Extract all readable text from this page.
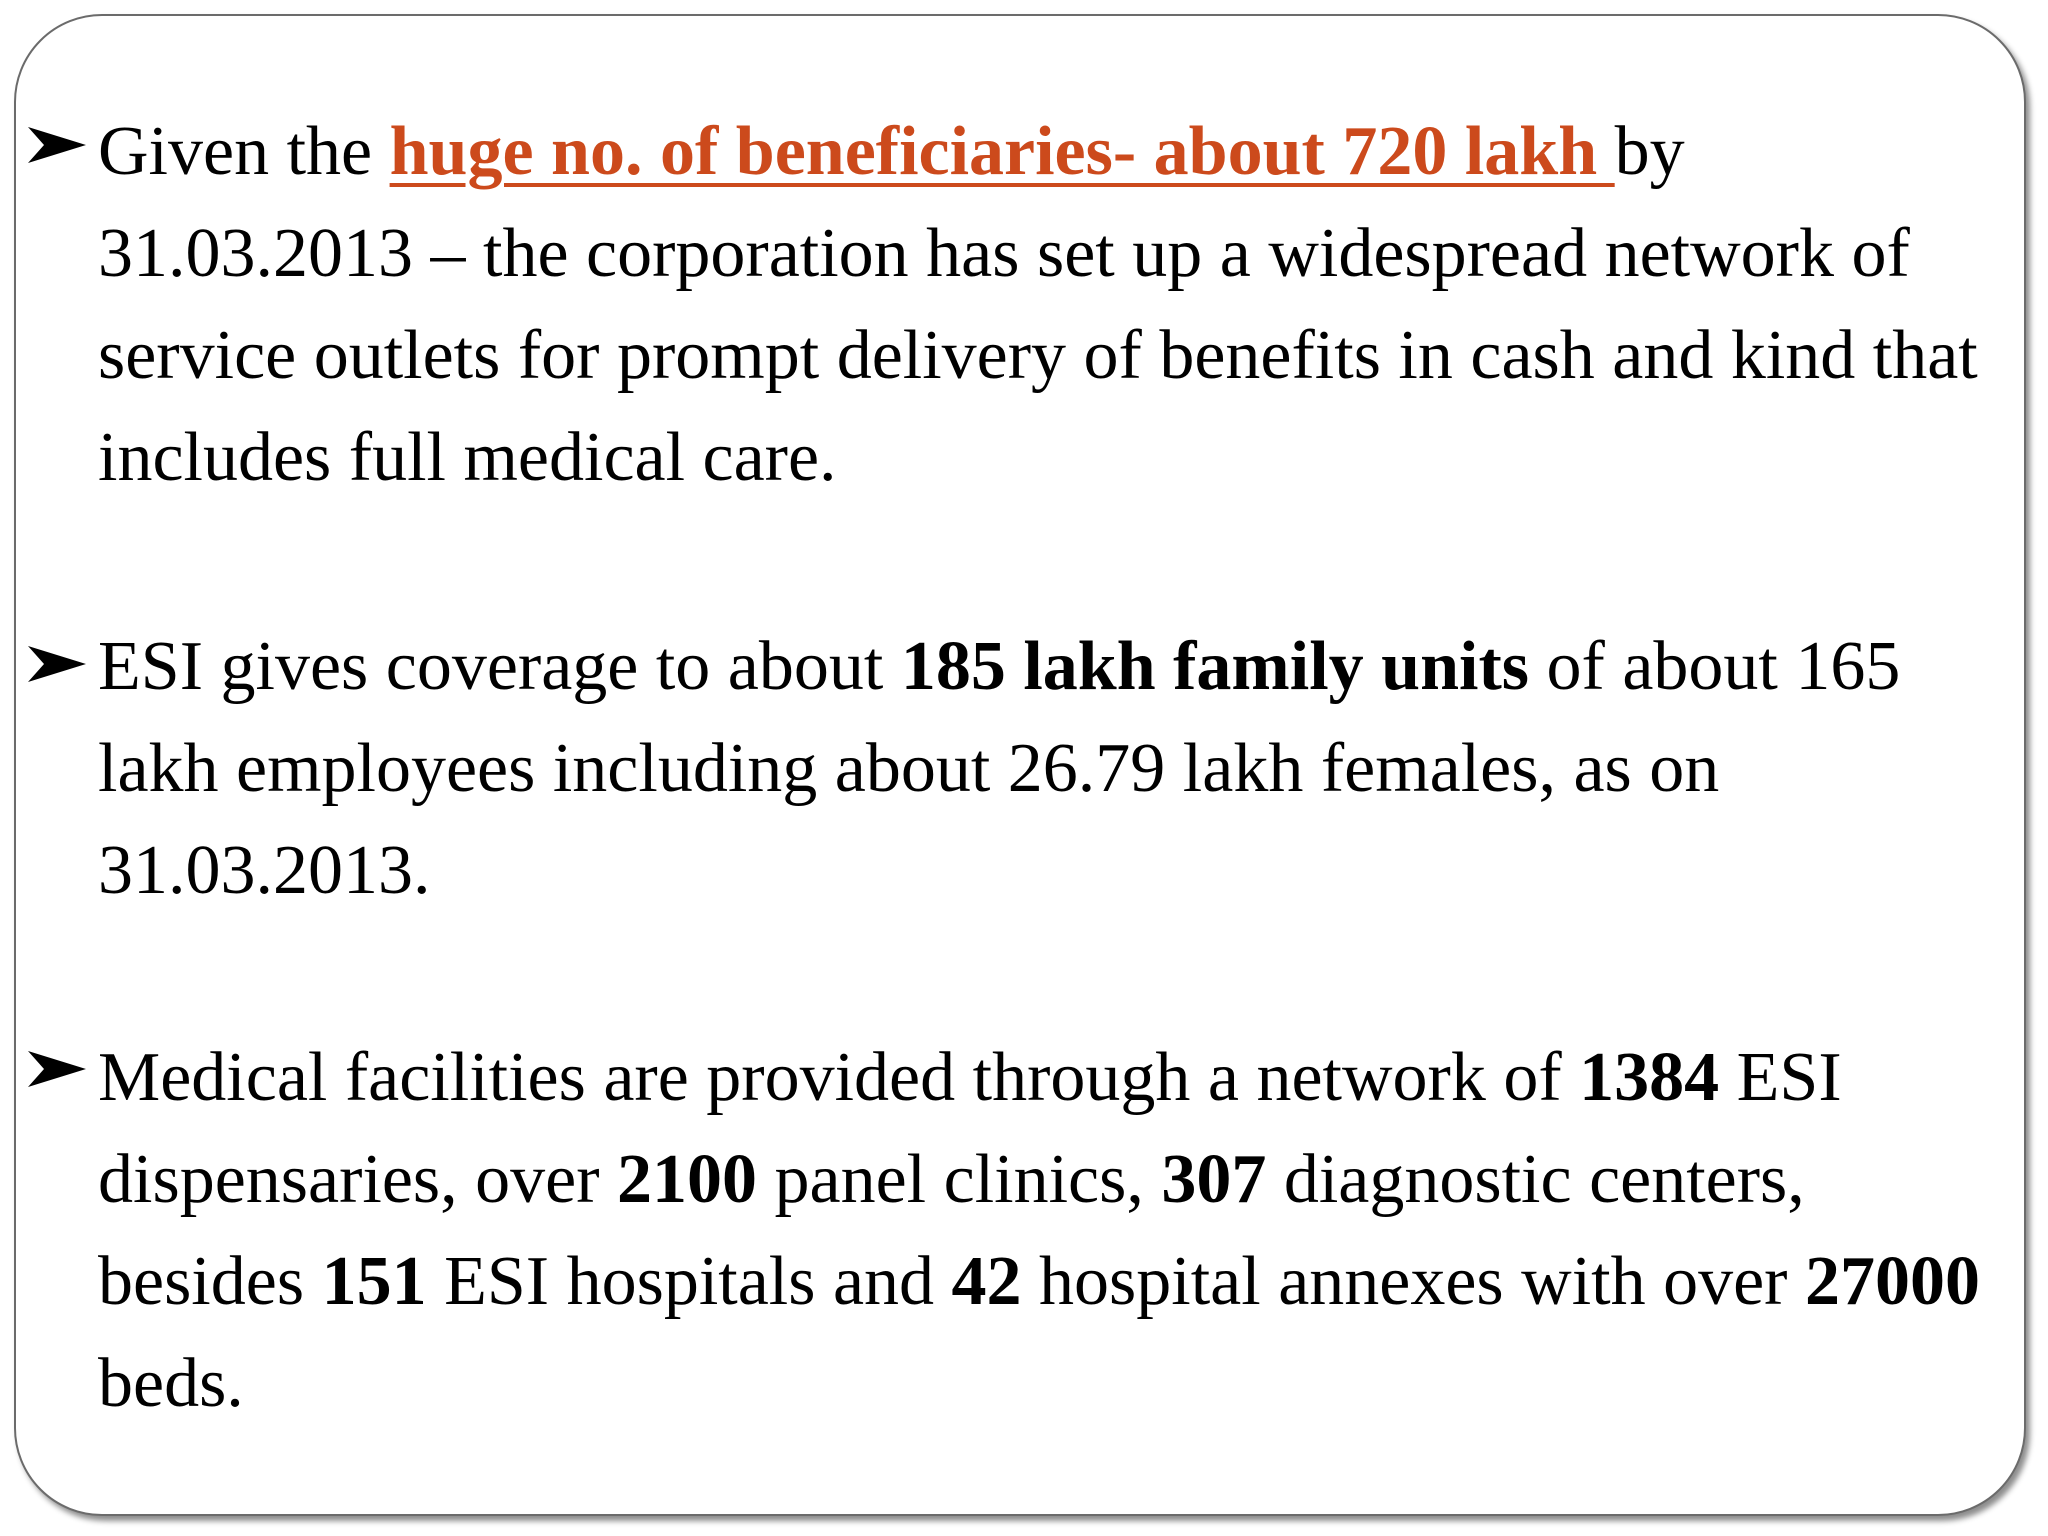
Given the huge no. of beneficiaries- about 720 lakh by 31.03.2013 – the corporation has set up a widespread network of service outlets for prompt delivery of benefits in cash and kind that includes full medical care.

ESI gives coverage to about 185 lakh family units of about 165 lakh employees including about 26.79 lakh females, as on 31.03.2013.

Medical facilities are provided through a network of 1384 ESI dispensaries, over 2100 panel clinics, 307 diagnostic centers, besides 151 ESI hospitals and 42 hospital annexes with over 27000 beds.
